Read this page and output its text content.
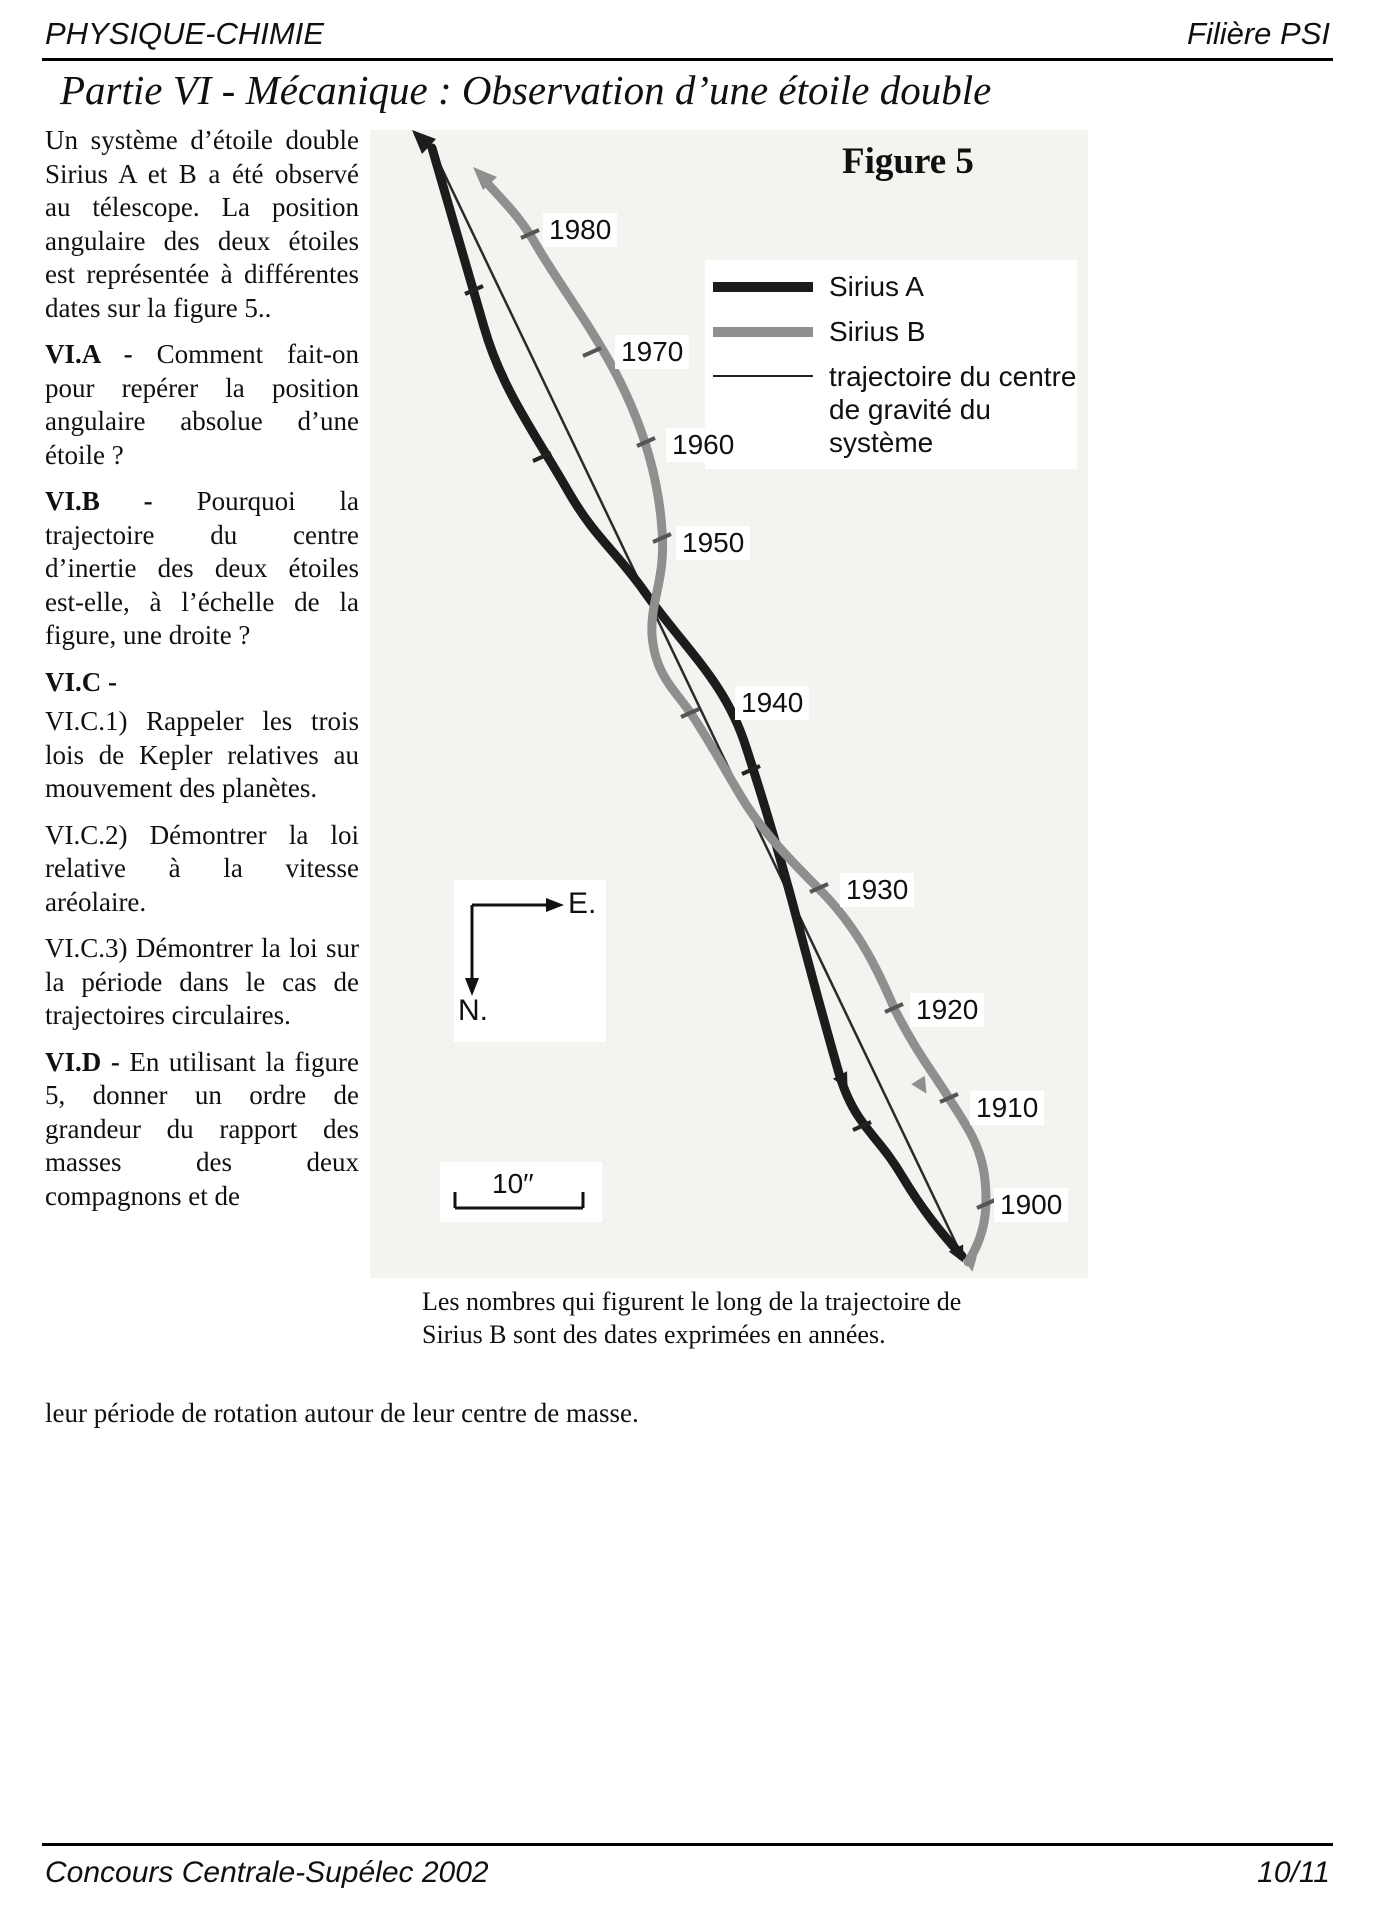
PHYSIQUE-CHIMIE	Filière PSI
Partie VI - Mécanique : Observation d’une étoile double

Un système d’étoile double Sirius A et B a été observé au télescope. La position angulaire des deux étoiles est représentée à différentes dates sur la figure 5..

VI.A - Comment fait-on pour repérer la position angulaire absolue d’une étoile ?

VI.B - Pourquoi la trajectoire du centre d’inertie des deux étoiles est-elle, à l’échelle de la figure, une droite ?

VI.C -

VI.C.1) Rappeler les trois lois de Kepler relatives au mouvement des planètes.

VI.C.2) Démontrer la loi relative à la vitesse aréolaire.

VI.C.3) Démontrer la loi sur la période dans le cas de trajectoires circulaires.

VI.D - En utilisant la figure 5, donner un ordre de grandeur du rapport des masses des deux compagnons et de

leur période de rotation autour de leur centre de masse.
Figure 5
Sirius A
Sirius B
trajectoire du centre de gravité du système
1980
1970
1960
1950
1940
1930
1920
1910
1900
E.
N.
10′′
Les nombres qui figurent le long de la trajectoire de Sirius B sont des dates exprimées en années.
Concours Centrale-Supélec 2002	10/11
